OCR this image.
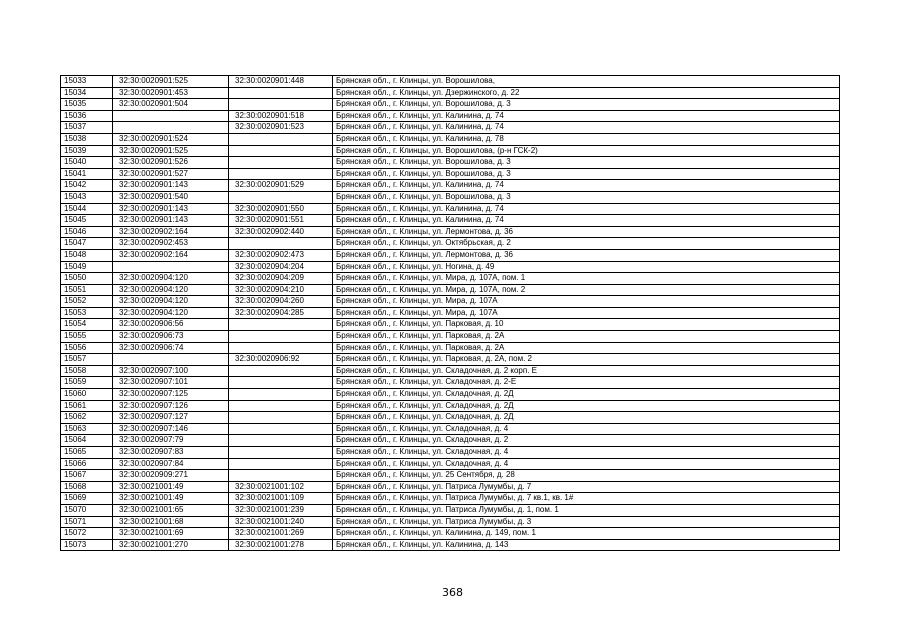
15033	32:30:0020901:525	32:30:0020901:448	Брянская обл., г. Клинцы, ул. Ворошилова,
15034	32:30:0020901:453		Брянская обл., г. Клинцы, ул. Дзержинского, д. 22
15035	32:30:0020901:504		Брянская обл., г. Клинцы, ул. Ворошилова, д. 3
15036		32:30:0020901:518	Брянская обл., г. Клинцы, ул. Калинина, д. 74
15037		32:30:0020901:523	Брянская обл., г. Клинцы, ул. Калинина, д. 74
15038	32:30:0020901:524		Брянская обл., г. Клинцы, ул. Калинина, д. 78
15039	32:30:0020901:525		Брянская обл., г. Клинцы, ул. Ворошилова, (р-н ГСК-2)
15040	32:30:0020901:526		Брянская обл., г. Клинцы, ул. Ворошилова, д. 3
15041	32:30:0020901:527		Брянская обл., г. Клинцы, ул. Ворошилова, д. 3
15042	32:30:0020901:143	32:30:0020901:529	Брянская обл., г. Клинцы, ул. Калинина, д. 74
15043	32:30:0020901:540		Брянская обл., г. Клинцы, ул. Ворошилова, д. 3
15044	32:30:0020901:143	32:30:0020901:550	Брянская обл., г. Клинцы, ул. Калинина, д. 74
15045	32:30:0020901:143	32:30:0020901:551	Брянская обл., г. Клинцы, ул. Калинина, д. 74
15046	32:30:0020902:164	32:30:0020902:440	Брянская обл., г. Клинцы, ул. Лермонтова, д. 36
15047	32:30:0020902:453		Брянская обл., г. Клинцы, ул. Октябрьская, д. 2
15048	32:30:0020902:164	32:30:0020902:473	Брянская обл., г. Клинцы, ул. Лермонтова, д. 36
15049		32:30:0020904:204	Брянская обл., г. Клинцы, ул. Ногина, д. 49
15050	32:30:0020904:120	32:30:0020904:209	Брянская обл., г. Клинцы, ул. Мира, д. 107А, пом. 1
15051	32:30:0020904:120	32:30:0020904:210	Брянская обл., г. Клинцы, ул. Мира, д. 107А, пом. 2
15052	32:30:0020904:120	32:30:0020904:260	Брянская обл., г. Клинцы, ул. Мира, д. 107А
15053	32:30:0020904:120	32:30:0020904:285	Брянская обл., г. Клинцы, ул. Мира, д. 107А
15054	32:30:0020906:56		Брянская обл., г. Клинцы, ул. Парковая, д. 10
15055	32:30:0020906:73		Брянская обл., г. Клинцы, ул. Парковая, д. 2А
15056	32:30:0020906:74		Брянская обл., г. Клинцы, ул. Парковая, д. 2А
15057		32:30:0020906:92	Брянская обл., г. Клинцы, ул. Парковая, д. 2А, пом. 2
15058	32:30:0020907:100		Брянская обл., г. Клинцы, ул. Складочная, д. 2 корп. Е
15059	32:30:0020907:101		Брянская обл., г. Клинцы, ул. Складочная, д. 2-Е
15060	32:30:0020907:125		Брянская обл., г. Клинцы, ул. Складочная, д. 2Д
15061	32:30:0020907:126		Брянская обл., г. Клинцы, ул. Складочная, д. 2Д
15062	32:30:0020907:127		Брянская обл., г. Клинцы, ул. Складочная, д. 2Д
15063	32:30:0020907:146		Брянская обл., г. Клинцы, ул. Складочная, д. 4
15064	32:30:0020907:79		Брянская обл., г. Клинцы, ул. Складочная, д. 2
15065	32:30:0020907:83		Брянская обл., г. Клинцы, ул. Складочная, д. 4
15066	32:30:0020907:84		Брянская обл., г. Клинцы, ул. Складочная, д. 4
15067	32:30:0020909:271		Брянская обл., г. Клинцы, ул. 25 Сентября, д. 28
15068	32:30:0021001:49	32:30:0021001:102	Брянская обл., г. Клинцы, ул. Патриса Лумумбы, д. 7
15069	32:30:0021001:49	32:30:0021001:109	Брянская обл., г. Клинцы, ул. Патриса Лумумбы, д. 7 кв.1, кв. 1#
15070	32:30:0021001:65	32:30:0021001:239	Брянская обл., г. Клинцы, ул. Патриса Лумумбы, д. 1, пом. 1
15071	32:30:0021001:68	32:30:0021001:240	Брянская обл., г. Клинцы, ул. Патриса Лумумбы, д. 3
15072	32:30:0021001:69	32:30:0021001:269	Брянская обл., г. Клинцы, ул. Калинина, д. 149, пом. 1
15073	32:30:0021001:270	32:30:0021001:278	Брянская обл., г. Клинцы, ул. Калинина, д. 143
368
